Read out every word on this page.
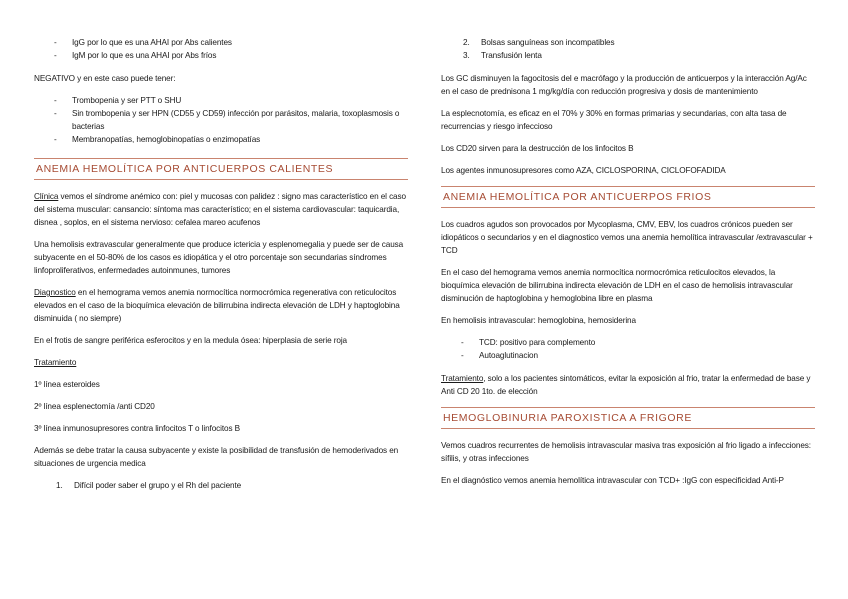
- IgG por lo que es una AHAI por Abs calientes
- IgM por lo que es una AHAI por Abs fríos

NEGATIVO y en este caso puede tener:

- Trombopenia y ser PTT o SHU
- Sin trombopenia y ser HPN (CD55 y CD59) infección por parásitos, malaria, toxoplasmosis o bacterias
- Membranopatías, hemoglobinopatías o enzimopatías
ANEMIA HEMOLÍTICA POR ANTICUERPOS CALIENTES

Clínica vemos el síndrome anémico con: piel y mucosas con palidez : signo mas característico en el caso del sistema muscular: cansancio: síntoma mas característico; en el sistema cardiovascular: taquicardia, disnea , soplos, en el sistema nervioso: cefalea mareo acufenos

Una hemolisis extravascular generalmente que produce ictericia y esplenomegalia y puede ser de causa subyacente en el 50-80% de los casos es idiopática y el otro porcentaje son secundarias síndromes linfoproliferativos, enfermedades autoinmunes, tumores

Diagnostico en el hemograma vemos anemia normocítica normocrómica regenerativa con reticulocitos elevados en el caso de la bioquímica elevación de bilirrubina indirecta elevación de LDH y haptoglobina disminuida ( no siempre)

En el frotis de sangre periférica esferocitos y en la medula ósea: hiperplasia de serie roja

Tratamiento

1º línea esteroides

2º línea esplenectomía /anti CD20

3º línea inmunosupresores contra linfocitos T o linfocitos B

Además se debe tratar la causa subyacente y existe la posibilidad de transfusión de hemoderivados en situaciones de urgencia medica

1. Difícil poder saber el grupo y el Rh del paciente
2. Bolsas sanguíneas son incompatibles
3. Transfusión lenta

Los GC disminuyen la fagocitosis del e macrófago y la producción de anticuerpos y la interacción Ag/Ac en el caso de prednisona 1 mg/kg/día con reducción progresiva y dosis de mantenimiento

La esplecnotomía, es eficaz en el 70% y 30% en formas primarias y secundarias, con alta tasa de recurrencias y riesgo infeccioso

Los CD20 sirven para la destrucción de los linfocitos B

Los agentes inmunosupresores como AZA, CICLOSPORINA, CICLOFOFADIDA

ANEMIA HEMOLÍTICA POR ANTICUERPOS FRIOS

Los cuadros agudos son provocados por Mycoplasma, CMV, EBV, los cuadros crónicos pueden ser idiopáticos o secundarios y en el diagnostico vemos una anemia hemolítica intravascular /extravascular + TCD

En el caso del hemograma vemos anemia normocítica normocrómica reticulocitos elevados, la bioquímica elevación de bilirrubina indirecta elevación de LDH en el caso de hemolisis intravascular disminución de haptoglobina y hemoglobina libre en plasma

En hemolisis intravascular: hemoglobina, hemosiderina

- TCD: positivo para complemento
- Autoaglutinacion

Tratamiento, solo a los pacientes sintomáticos, evitar la exposición al frio, tratar la enfermedad de base y Anti CD 20 1to. de elección

HEMOGLOBINURIA PAROXISTICA A FRIGORE

Vemos cuadros recurrentes de hemolisis intravascular masiva tras exposición al frio ligado a infecciones: sífilis, y otras infecciones

En el diagnóstico vemos anemia hemolítica intravascular con TCD+ :IgG con especificidad Anti-P
